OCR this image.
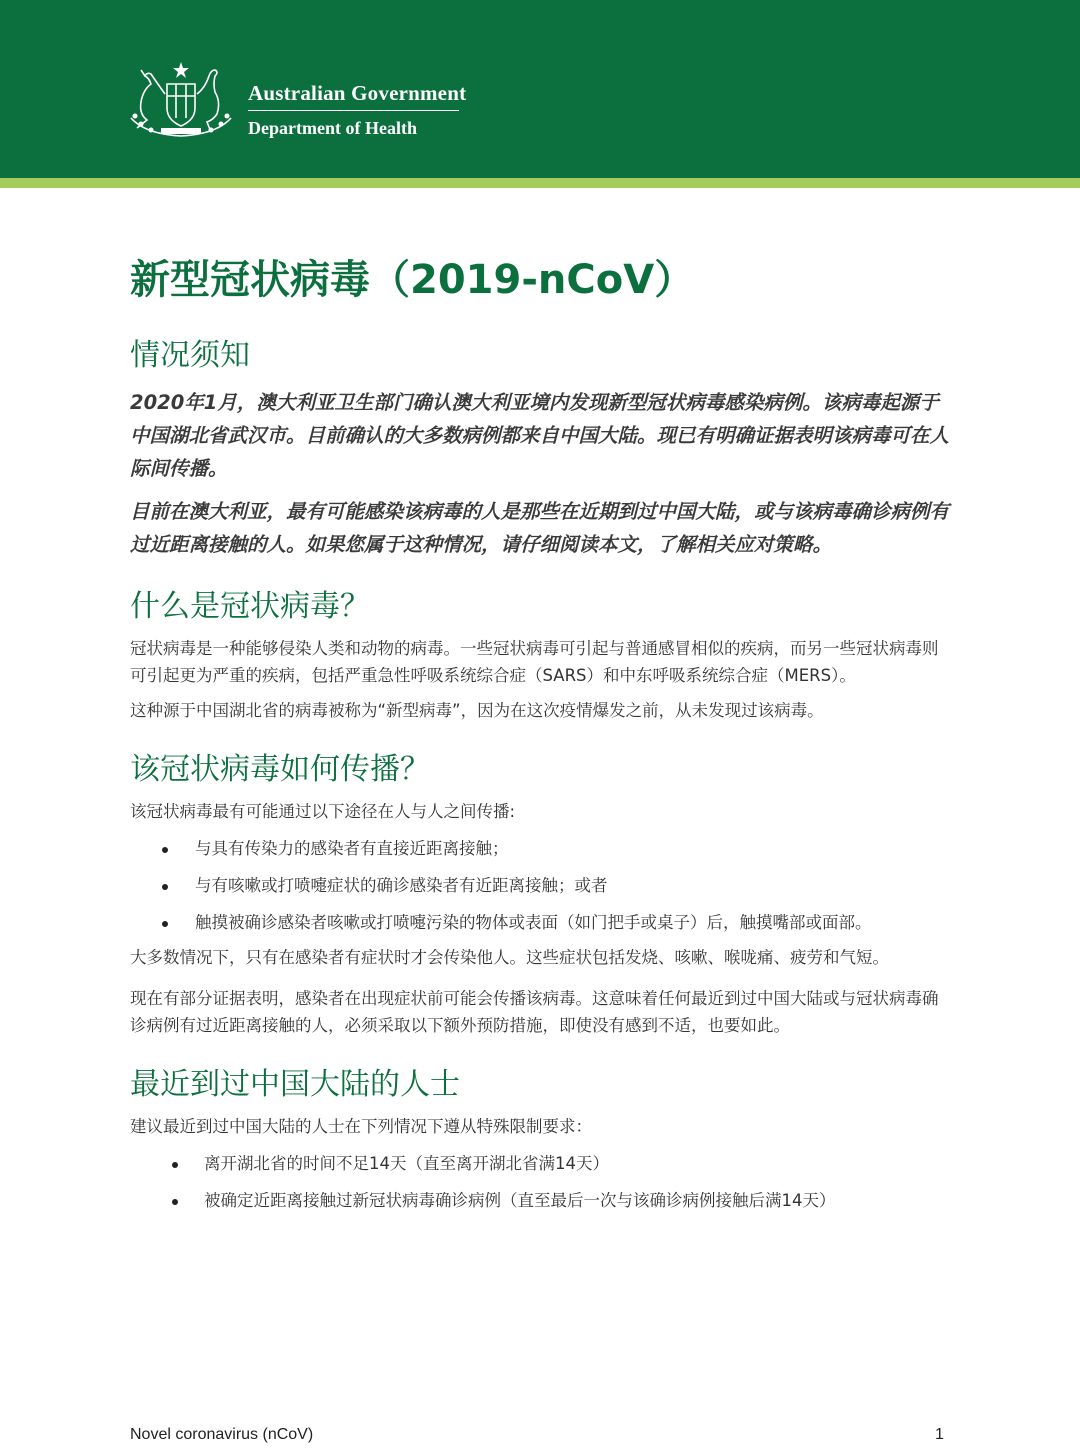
Australian Government
Department of Health
新型冠状病毒（2019-nCoV）
情况须知

2020年1月，澳大利亚卫生部门确认澳大利亚境内发现新型冠状病毒感染病例。该病毒起源于中国湖北省武汉市。目前确认的大多数病例都来自中国大陆。现已有明确证据表明该病毒可在人际间传播。

目前在澳大利亚，最有可能感染该病毒的人是那些在近期到过中国大陆，或与该病毒确诊病例有过近距离接触的人。如果您属于这种情况，请仔细阅读本文，了解相关应对策略。

什么是冠状病毒？

冠状病毒是一种能够侵染人类和动物的病毒。一些冠状病毒可引起与普通感冒相似的疾病，而另一些冠状病毒则可引起更为严重的疾病，包括严重急性呼吸系统综合症（SARS）和中东呼吸系统综合症（MERS）。

这种源于中国湖北省的病毒被称为“新型病毒”，因为在这次疫情爆发之前，从未发现过该病毒。

该冠状病毒如何传播？

该冠状病毒最有可能通过以下途径在人与人之间传播:

与具有传染力的感染者有直接近距离接触；
与有咳嗽或打喷嚏症状的确诊感染者有近距离接触；或者
触摸被确诊感染者咳嗽或打喷嚏污染的物体或表面（如门把手或桌子）后，触摸嘴部或面部。

大多数情况下，只有在感染者有症状时才会传染他人。这些症状包括发烧、咳嗽、喉咙痛、疲劳和气短。

现在有部分证据表明，感染者在出现症状前可能会传播该病毒。这意味着任何最近到过中国大陆或与冠状病毒确诊病例有过近距离接触的人，必须采取以下额外预防措施，即使没有感到不适，也要如此。

最近到过中国大陆的人士

建议最近到过中国大陆的人士在下列情况下遵从特殊限制要求：

离开湖北省的时间不足14天（直至离开湖北省满14天）
被确定近距离接触过新冠状病毒确诊病例（直至最后一次与该确诊病例接触后满14天）
Novel coronavirus (nCoV)	1
